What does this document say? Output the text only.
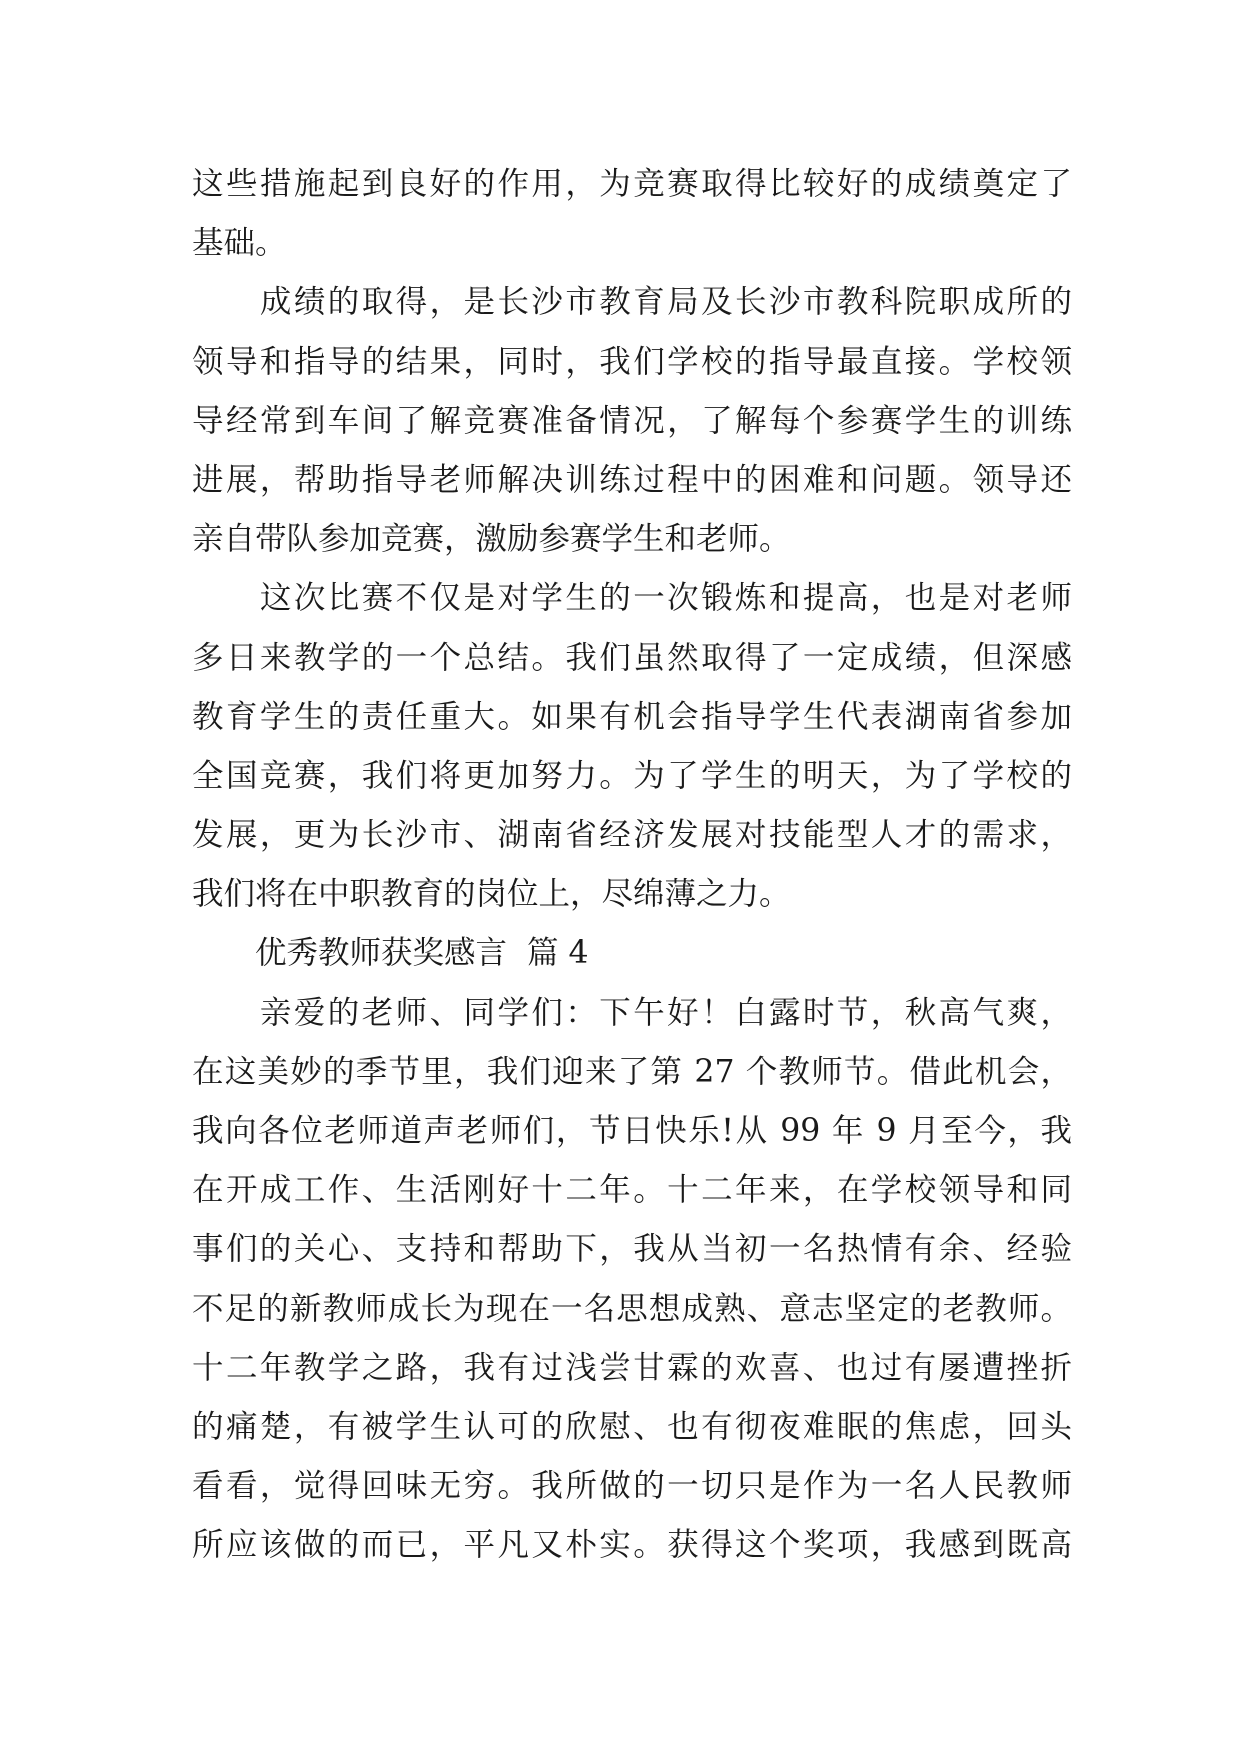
这些措施起到良好的作用，为竞赛取得比较好的成绩奠定了
基础。
　　成绩的取得，是长沙市教育局及长沙市教科院职成所的
领导和指导的结果，同时，我们学校的指导最直接。学校领
导经常到车间了解竞赛准备情况，了解每个参赛学生的训练
进展，帮助指导老师解决训练过程中的困难和问题。领导还
亲自带队参加竞赛，激励参赛学生和老师。
　　这次比赛不仅是对学生的一次锻炼和提高，也是对老师
多日来教学的一个总结。我们虽然取得了一定成绩，但深感
教育学生的责任重大。如果有机会指导学生代表湖南省参加
全国竞赛，我们将更加努力。为了学生的明天，为了学校的
发展，更为长沙市、湖南省经济发展对技能型人才的需求，
我们将在中职教育的岗位上，尽绵薄之力。
　　优秀教师获奖感言  篇 4
　　亲爱的老师、同学们：下午好！白露时节，秋高气爽，
在这美妙的季节里，我们迎来了第 27 个教师节。借此机会，
我向各位老师道声老师们，节日快乐!从 99 年 9 月至今，我
在开成工作、生活刚好十二年。十二年来，在学校领导和同
事们的关心、支持和帮助下，我从当初一名热情有余、经验
不足的新教师成长为现在一名思想成熟、意志坚定的老教师。
十二年教学之路，我有过浅尝甘霖的欢喜、也过有屡遭挫折
的痛楚，有被学生认可的欣慰、也有彻夜难眠的焦虑，回头
看看，觉得回味无穷。我所做的一切只是作为一名人民教师
所应该做的而已，平凡又朴实。获得这个奖项，我感到既高
